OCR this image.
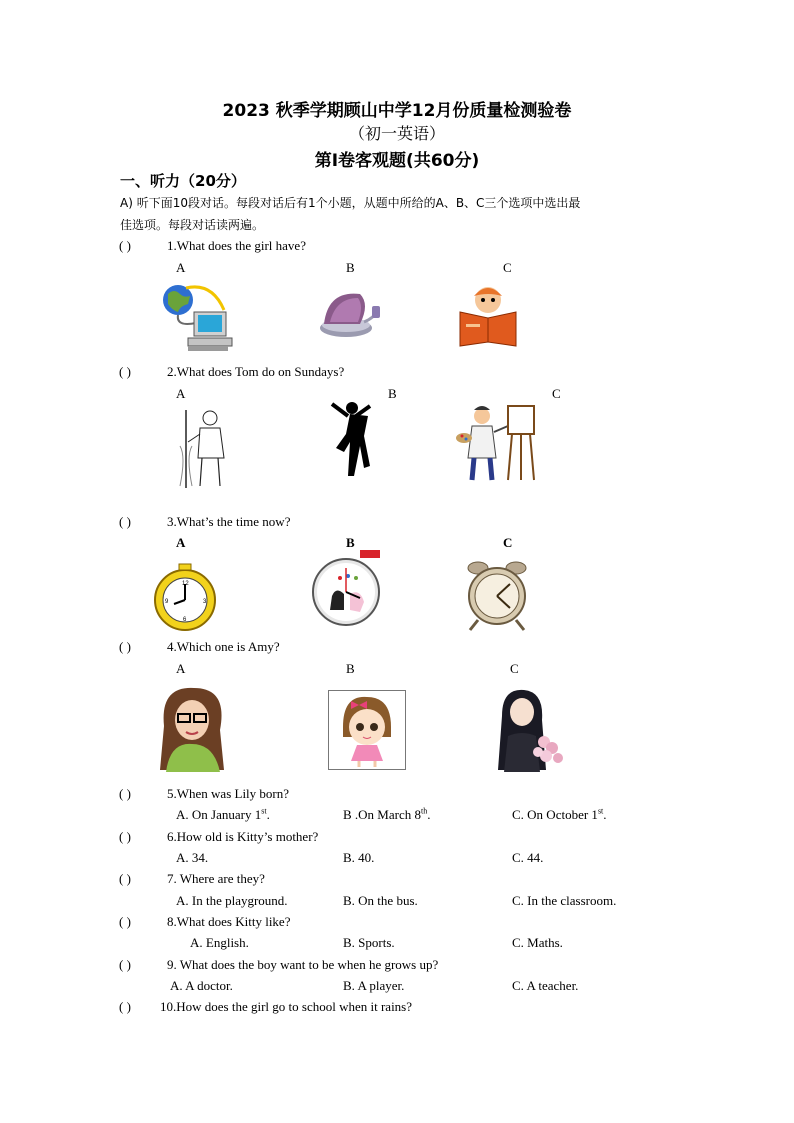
2023 秋季学期顾山中学12月份质量检测验卷
（初一英语）
第I卷客观题(共60分)
一、听力（20分）
A) 听下面10段对话。每段对话后有1个小题，从题中所给的A、B、C三个选项中选出最
佳选项。每段对话读两遍。
( )	1.What does the girl have?
A	B	C
( )	2.What does Tom do on Sundays?
A	B	C
( )	3.What’s the time now?
A	B	C
12
3
6
9
( )	4.Which one is Amy?
A	B	C
( )	5.When was Lily born?
A. On January 1st.	B .On March 8th.	C. On October 1st.
( )	6.How old is Kitty’s mother?
A. 34.	B. 40.	C. 44.
( )	7. Where are they?
A. In the playground.	B. On the bus.	C. In the classroom.
( )	8.What does Kitty like?
A. English.	B. Sports.	C. Maths.
( )	9. What does the boy want to be when he grows up?
A. A doctor.	B. A player.	C. A teacher.
( ) 10.How does the girl go to school when it rains?
